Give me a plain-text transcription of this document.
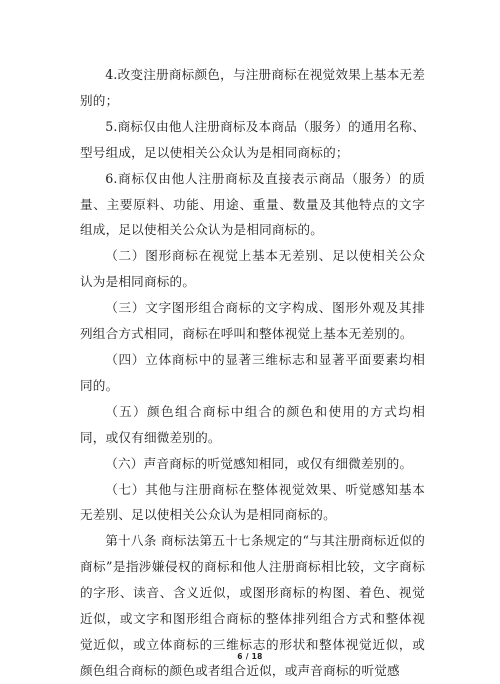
4.改变注册商标颜色，与注册商标在视觉效果上基本无差别的；

5.商标仅由他人注册商标及本商品（服务）的通用名称、型号组成，足以使相关公众认为是相同商标的；

6.商标仅由他人注册商标及直接表示商品（服务）的质量、主要原料、功能、用途、重量、数量及其他特点的文字组成，足以使相关公众认为是相同商标的。

（二）图形商标在视觉上基本无差别、足以使相关公众认为是相同商标的。

（三）文字图形组合商标的文字构成、图形外观及其排列组合方式相同，商标在呼叫和整体视觉上基本无差别的。

（四）立体商标中的显著三维标志和显著平面要素均相同的。

（五）颜色组合商标中组合的颜色和使用的方式均相同，或仅有细微差别的。

（六）声音商标的听觉感知相同，或仅有细微差别的。

（七）其他与注册商标在整体视觉效果、听觉感知基本无差别、足以使相关公众认为是相同商标的。

第十八条 商标法第五十七条规定的“与其注册商标近似的商标”是指涉嫌侵权的商标和他人注册商标相比较，文字商标的字形、读音、含义近似，或图形商标的构图、着色、视觉近似，或文字和图形组合商标的整体排列组合方式和整体视觉近似，或立体商标的三维标志的形状和整体视觉近似，或颜色组合商标的颜色或者组合近似，或声音商标的听觉感

6 / 18
